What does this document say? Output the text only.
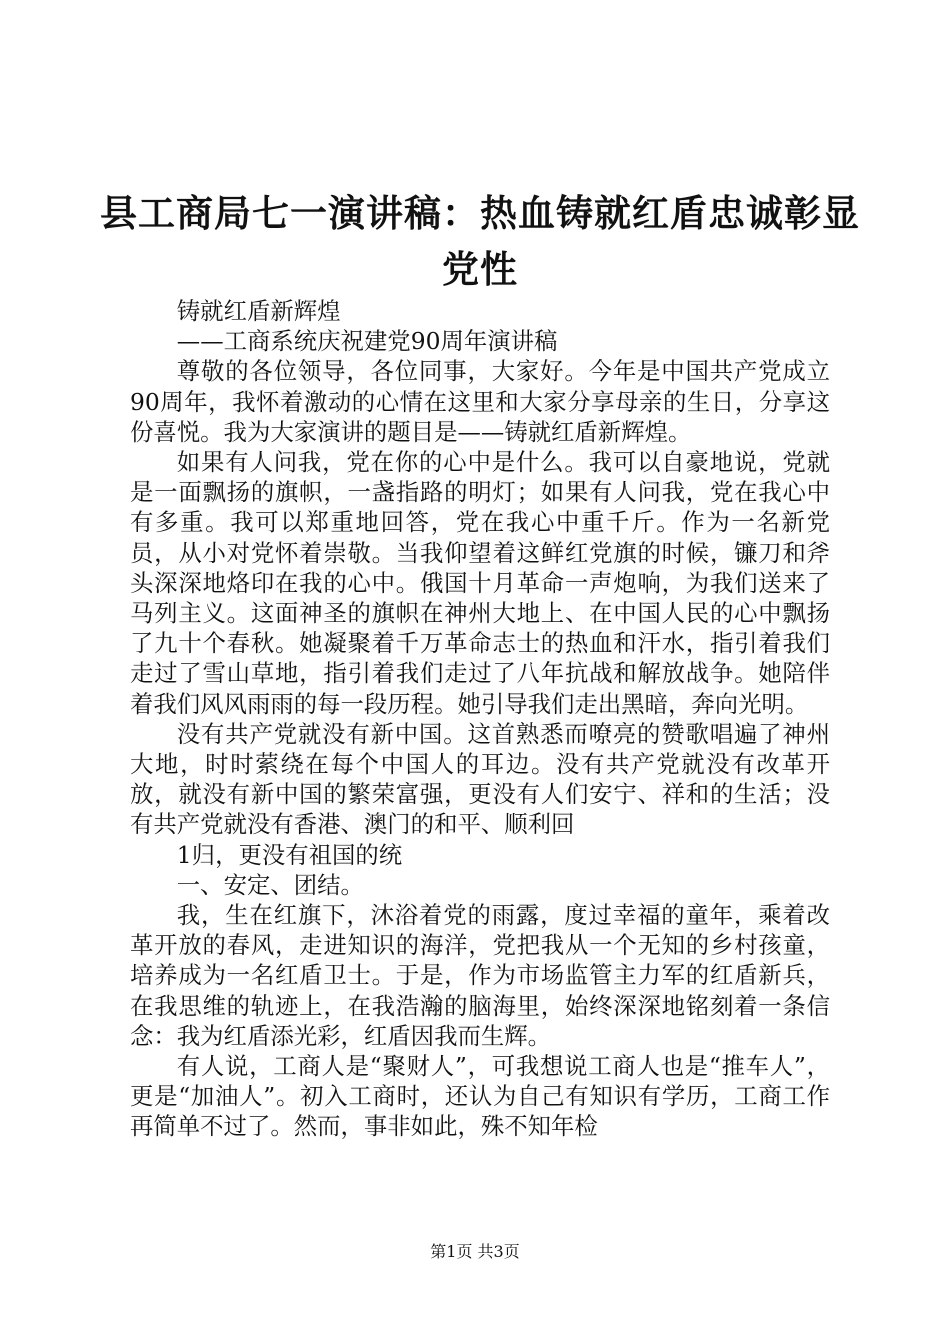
县工商局七一演讲稿：热血铸就红盾忠诚彰显
党性

铸就红盾新辉煌

——工商系统庆祝建党90周年演讲稿

尊敬的各位领导，各位同事，大家好。今年是中国共产党成立90周年，我怀着激动的心情在这里和大家分享母亲的生日，分享这份喜悦。我为大家演讲的题目是——铸就红盾新辉煌。

如果有人问我，党在你的心中是什么。我可以自豪地说，党就是一面飘扬的旗帜，一盏指路的明灯；如果有人问我，党在我心中有多重。我可以郑重地回答，党在我心中重千斤。作为一名新党员，从小对党怀着崇敬。当我仰望着这鲜红党旗的时候，镰刀和斧头深深地烙印在我的心中。俄国十月革命一声炮响，为我们送来了马列主义。这面神圣的旗帜在神州大地上、在中国人民的心中飘扬了九十个春秋。她凝聚着千万革命志士的热血和汗水，指引着我们走过了雪山草地，指引着我们走过了八年抗战和解放战争。她陪伴着我们风风雨雨的每一段历程。她引导我们走出黑暗，奔向光明。

没有共产党就没有新中国。这首熟悉而嘹亮的赞歌唱遍了神州大地，时时萦绕在每个中国人的耳边。没有共产党就没有改革开放，就没有新中国的繁荣富强，更没有人们安宁、祥和的生活；没有共产党就没有香港、澳门的和平、顺利回

1归，更没有祖国的统

一、安定、团结。

我，生在红旗下，沐浴着党的雨露，度过幸福的童年，乘着改革开放的春风，走进知识的海洋，党把我从一个无知的乡村孩童，培养成为一名红盾卫士。于是，作为市场监管主力军的红盾新兵，在我思维的轨迹上，在我浩瀚的脑海里，始终深深地铭刻着一条信念：我为红盾添光彩，红盾因我而生辉。

有人说，工商人是“聚财人”，可我想说工商人也是“推车人”，更是“加油人”。初入工商时，还认为自己有知识有学历，工商工作再简单不过了。然而，事非如此，殊不知年检

第1页 共3页
